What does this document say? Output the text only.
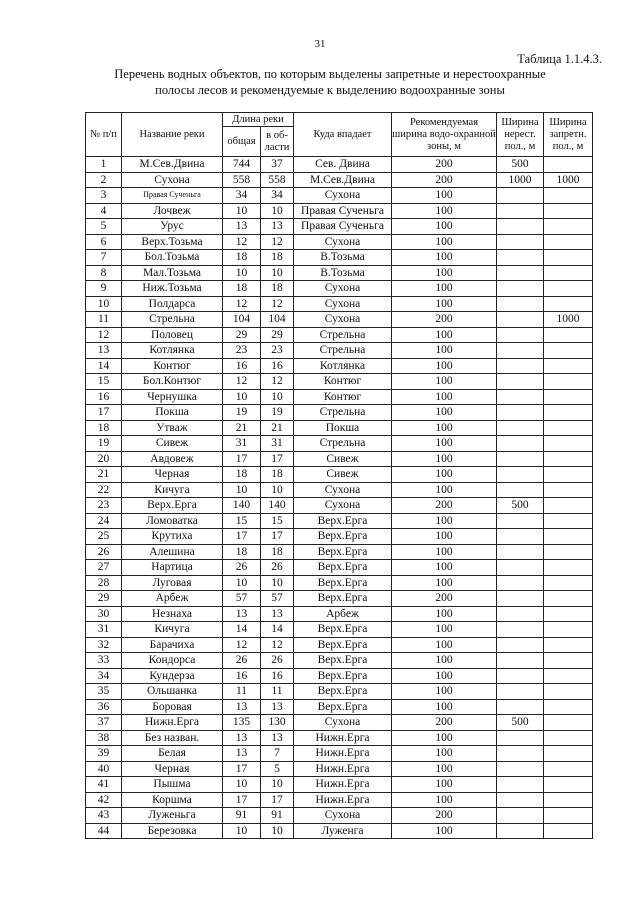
31
Таблица 1.1.4.3.
Перечень водных объектов, по которым выделены запретные и нерестоохранные
полосы лесов и рекомендуемые к выделению водоохранные зоны
№ п/п	Название реки	Длина реки		Куда впадает	Рекомендуемая ширина водо-охранной зоны, м	Ширина нерест. пол., м	Ширина запретн. пол., м
		общая	в об-ласти				
1	М.Сев.Двина	744	37	Сев. Двина	200	500	
2	Сухона	558	558	М.Сев.Двина	200	1000	1000
3	Правая Сученьга	34	34	Сухона	100		
4	Лочвеж	10	10	Правая Сученьга	100		
5	Урус	13	13	Правая Сученьга	100		
6	Верх.Тозьма	12	12	Сухона	100		
7	Бол.Тозьма	18	18	В.Тозьма	100		
8	Мал.Тозьма	10	10	В.Тозьма	100		
9	Ниж.Тозьма	18	18	Сухона	100		
10	Полдарса	12	12	Сухона	100		
11	Стрельна	104	104	Сухона	200		1000
12	Половец	29	29	Стрельна	100		
13	Котлянка	23	23	Стрельна	100		
14	Контюг	16	16	Котлянка	100		
15	Бол.Контюг	12	12	Контюг	100		
16	Чернушка	10	10	Контюг	100		
17	Покша	19	19	Стрельна	100		
18	Утваж	21	21	Покша	100		
19	Сивеж	31	31	Стрельна	100		
20	Авдовеж	17	17	Сивеж	100		
21	Черная	18	18	Сивеж	100		
22	Кичуга	10	10	Сухона	100		
23	Верх.Ерга	140	140	Сухона	200	500	
24	Ломоватка	15	15	Верх.Ерга	100		
25	Крутиха	17	17	Верх.Ерга	100		
26	Алешина	18	18	Верх.Ерга	100		
27	Нартица	26	26	Верх.Ерга	100		
28	Луговая	10	10	Верх.Ерга	100		
29	Арбеж	57	57	Верх.Ерга	200		
30	Незнаха	13	13	Арбеж	100		
31	Кичуга	14	14	Верх.Ерга	100		
32	Барачиха	12	12	Верх.Ерга	100		
33	Кондорса	26	26	Верх.Ерга	100		
34	Кундерза	16	16	Верх.Ерга	100		
35	Ольшанка	11	11	Верх.Ерга	100		
36	Боровая	13	13	Верх.Ерга	100		
37	Нижн.Ерга	135	130	Сухона	200	500	
38	Без назван.	13	13	Нижн.Ерга	100		
39	Белая	13	7	Нижн.Ерга	100		
40	Черная	17	5	Нижн.Ерга	100		
41	Пышма	10	10	Нижн.Ерга	100		
42	Коршма	17	17	Нижн.Ерга	100		
43	Луженьга	91	91	Сухона	200		
44	Березовка	10	10	Луженга	100		
